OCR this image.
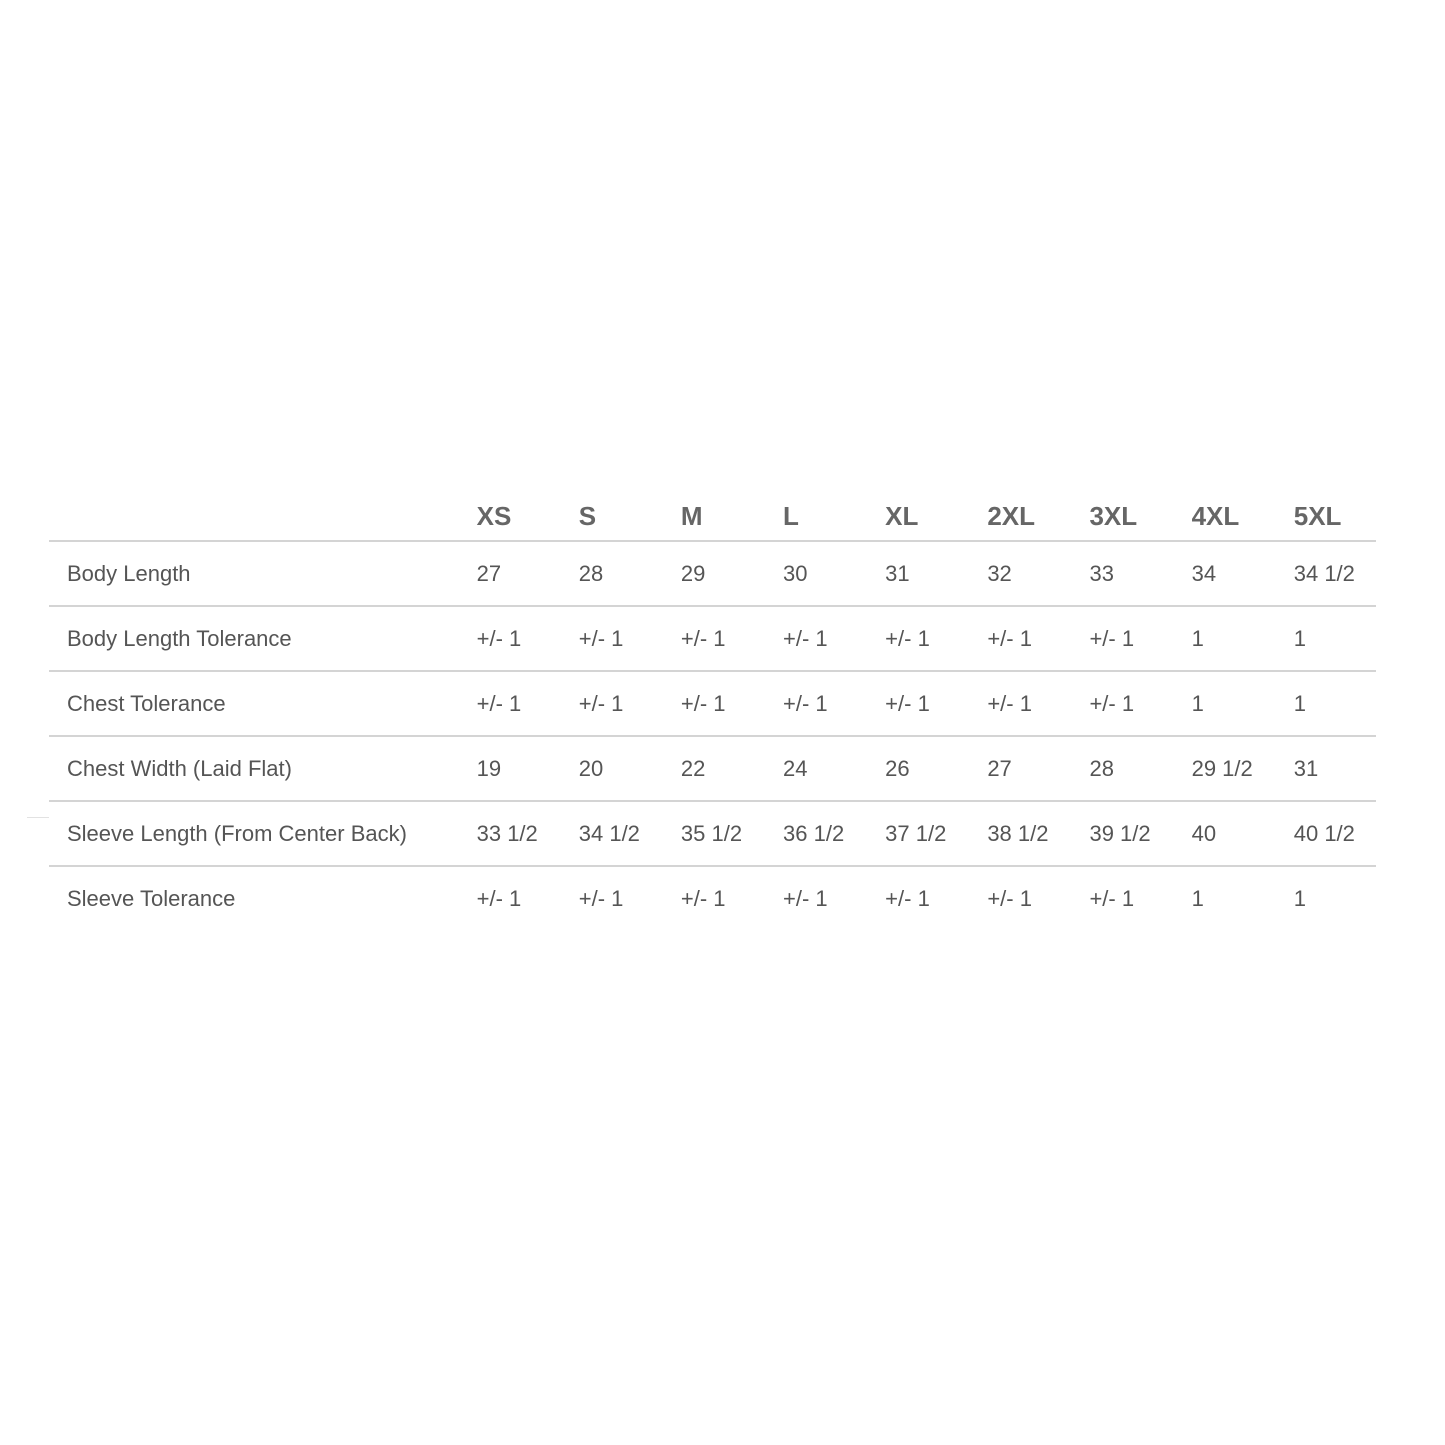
	XS	S	M	L	XL	2XL	3XL	4XL	5XL
Body Length	27	28	29	30	31	32	33	34	34 1/2
Body Length Tolerance	+/- 1	+/- 1	+/- 1	+/- 1	+/- 1	+/- 1	+/- 1	1	1
Chest Tolerance	+/- 1	+/- 1	+/- 1	+/- 1	+/- 1	+/- 1	+/- 1	1	1
Chest Width (Laid Flat)	19	20	22	24	26	27	28	29 1/2	31
Sleeve Length (From Center Back)	33 1/2	34 1/2	35 1/2	36 1/2	37 1/2	38 1/2	39 1/2	40	40 1/2
Sleeve Tolerance	+/- 1	+/- 1	+/- 1	+/- 1	+/- 1	+/- 1	+/- 1	1	1
